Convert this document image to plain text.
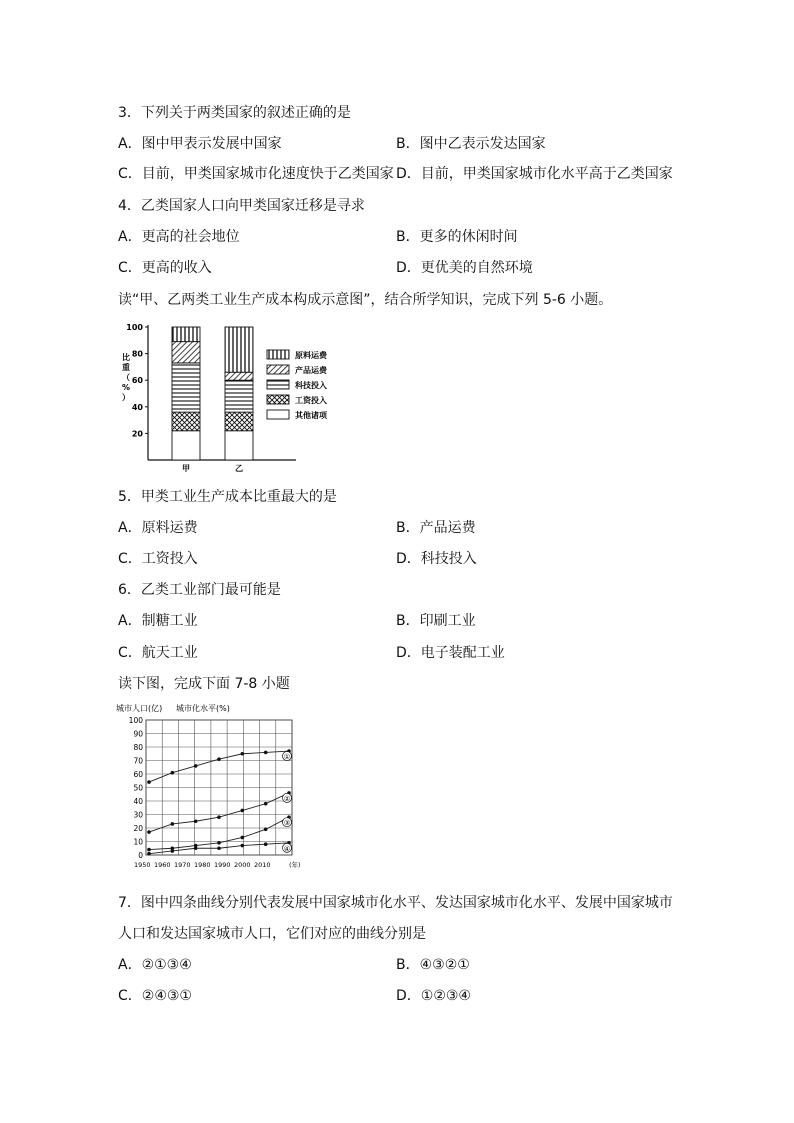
3．下列关于两类国家的叙述正确的是
A．图中甲表示发展中国家	B．图中乙表示发达国家
C．目前，甲类国家城市化速度快于乙类国家 D．目前，甲类国家城市化水平高于乙类国家
4．乙类国家人口向甲类国家迁移是寻求
A．更高的社会地位	B．更多的休闲时间
C．更高的收入	D．更优美的自然环境
读“甲、乙两类工业生产成本构成示意图”，结合所学知识，完成下列 5-6 小题。
20
40
60
80
100
比重（%）
甲	乙
原料运费
产品运费
科技投入
工资投入
其他诸项
5．甲类工业生产成本比重最大的是
A．原料运费	B．产品运费
C．工资投入	D．科技投入
6．乙类工业部门最可能是
A．制糖工业	B．印刷工业
C．航天工业	D．电子装配工业
读下图，完成下面 7-8 小题
0
10
20
30
40
50
60
70
80
90
100
城市人口(亿) 城市化水平(%)
1950 1960 1970 1980 1990 2000 2010	(年)
①
②
③
④
7．图中四条曲线分别代表发展中国家城市化水平、发达国家城市化水平、发展中国家城市
人口和发达国家城市人口，它们对应的曲线分别是
A．②①③④	B．④③②①
C．②④③①	D．①②③④
